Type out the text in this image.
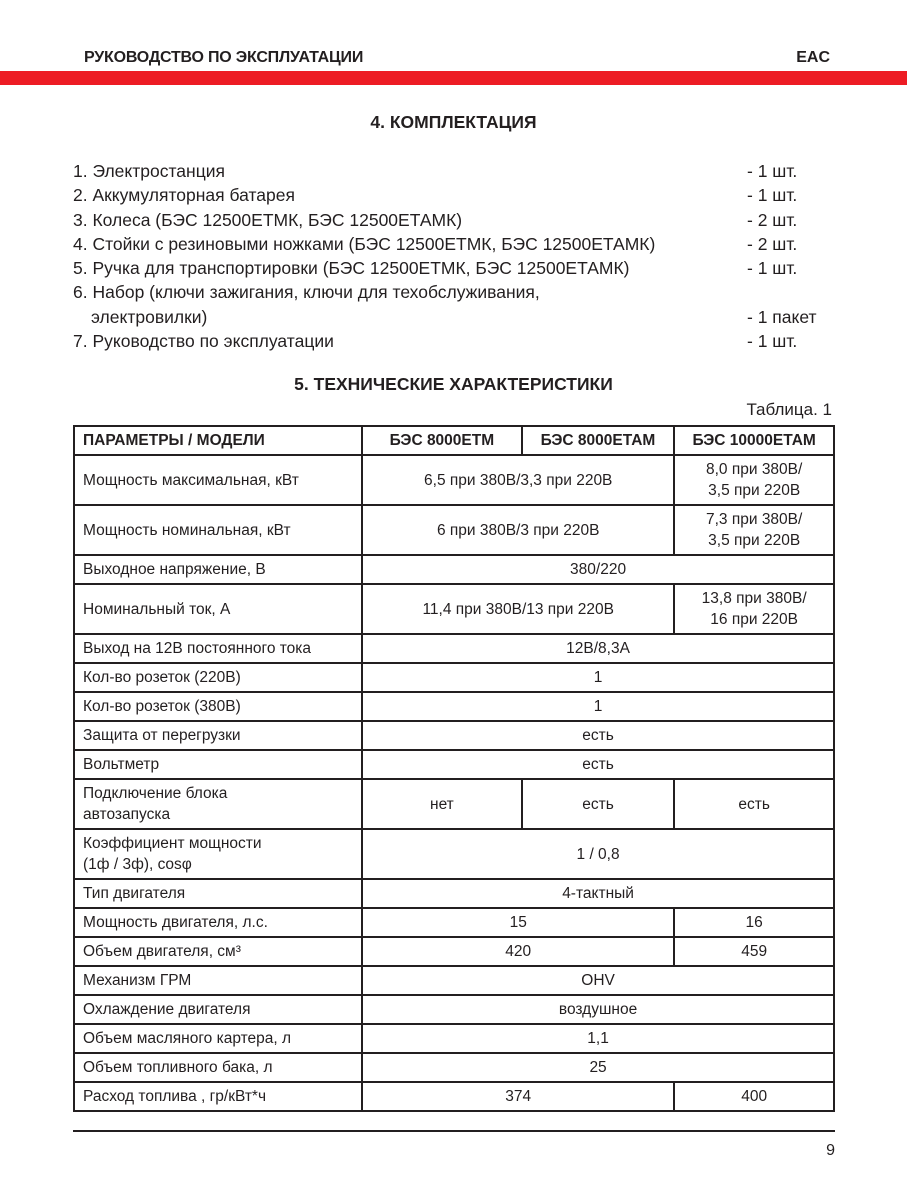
РУКОВОДСТВО ПО ЭКСПЛУАТАЦИИ	EAC
4. КОМПЛЕКТАЦИЯ
1. Электростанция	- 1 шт.
2. Аккумуляторная батарея	- 1 шт.
3. Колеса (БЭС 12500ЕТМК, БЭС 12500ЕТАМК)	- 2 шт.
4. Стойки с резиновыми ножками (БЭС 12500ЕТМК, БЭС 12500ЕТАМК)	- 2 шт.
5. Ручка для транспортировки (БЭС 12500ЕТМК, БЭС 12500ЕТАМК)	- 1 шт.
6. Набор (ключи зажигания, ключи для техобслуживания,
электровилки)	- 1 пакет
7. Руководство по эксплуатации	- 1 шт.
5. ТЕХНИЧЕСКИЕ ХАРАКТЕРИСТИКИ
Таблица. 1
ПАРАМЕТРЫ / МОДЕЛИ	БЭС 8000ЕТМ	БЭС 8000ЕТАМ	БЭС 10000ЕТАМ
Мощность максимальная, кВт	6,5 при 380В/3,3 при 220В		8,0 при 380В/
3,5 при 220В
Мощность номинальная, кВт	6 при 380В/3 при 220В		7,3 при 380В/
3,5 при 220В
Выходное напряжение, В	380/220		
Номинальный ток, А	11,4 при 380В/13 при 220В		13,8 при 380В/
16 при 220В
Выход на 12В постоянного тока	12В/8,3А		
Кол-во розеток (220В)	1		
Кол-во розеток (380В)	1		
Защита от перегрузки	есть		
Вольтметр	есть		
Подключение блока
автозапуска	нет	есть	есть
Коэффициент мощности
(1ф / 3ф), cosφ	1 / 0,8		
Тип двигателя	4-тактный		
Мощность двигателя, л.с.	15		16
Объем двигателя, см³	420		459
Механизм ГРМ	OHV		
Охлаждение двигателя	воздушное		
Объем масляного картера, л	1,1		
Объем топливного бака, л	25		
Расход топлива , гр/кВт*ч	374		400
9
